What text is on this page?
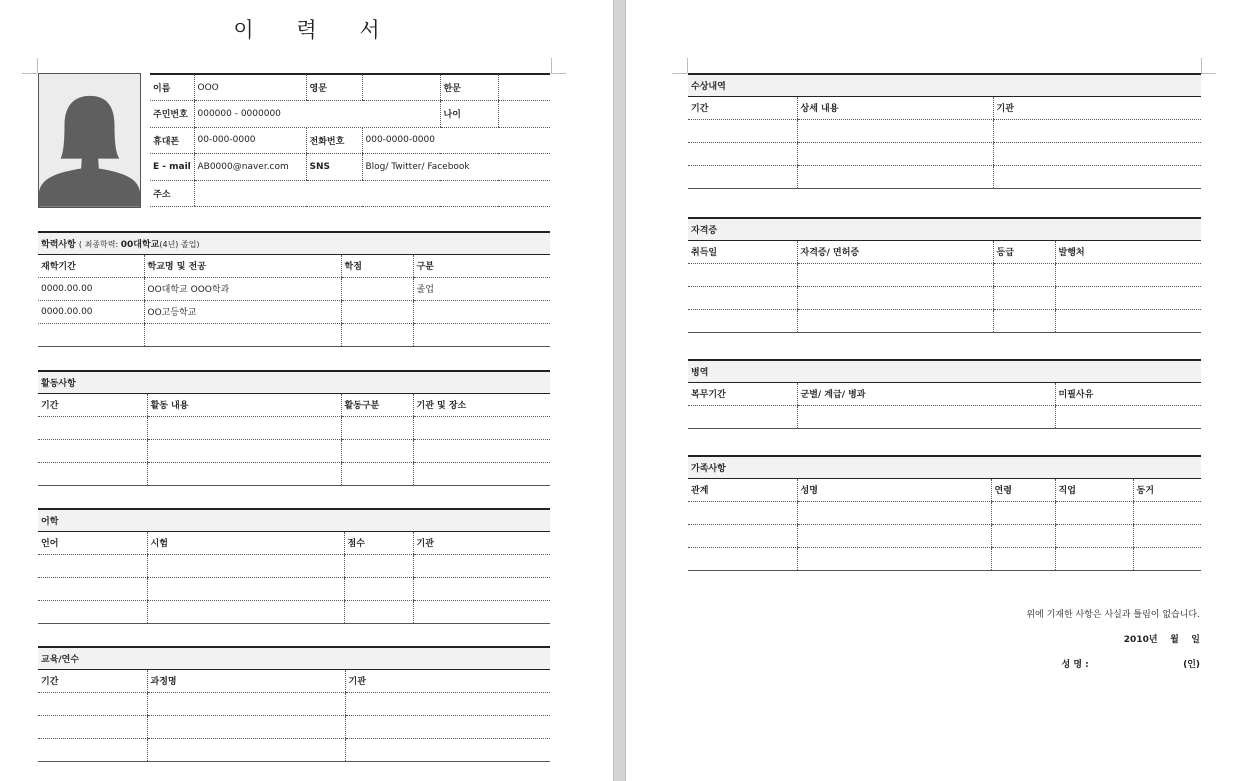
이 력 서
이름	OOO	영문		한문	
주민번호	000000 - 0000000			나이	
휴대폰	00-000-0000	전화번호	000-0000-0000		
E - mail	AB0000@naver.com	SNS	Blog/ Twitter/ Facebook		
주소					
학력사항 ( 최종학력: 00대학교(4년) 졸업)			
재학기간	학교명 및 전공	학점	구분
0000.00.00	OO대학교 OOO학과		졸업
0000.00.00	OO고등학교		

활동사항			
기간	활동 내용	활동구분	기관 및 장소

어학			
언어	시험	점수	기관

교육/연수		
기간	과정명	기관

수상내역		
기간	상세 내용	기관

자격증			
취득일	자격증/ 면허증	등급	발행처

병역		
복무기간	군별/ 계급/ 병과	미필사유

가족사항				
관계	성명	연령	직업	동거

위에 기재한 사항은 사실과 틀림이 없습니다.
2010년    월    일
성 명 :	(인)
